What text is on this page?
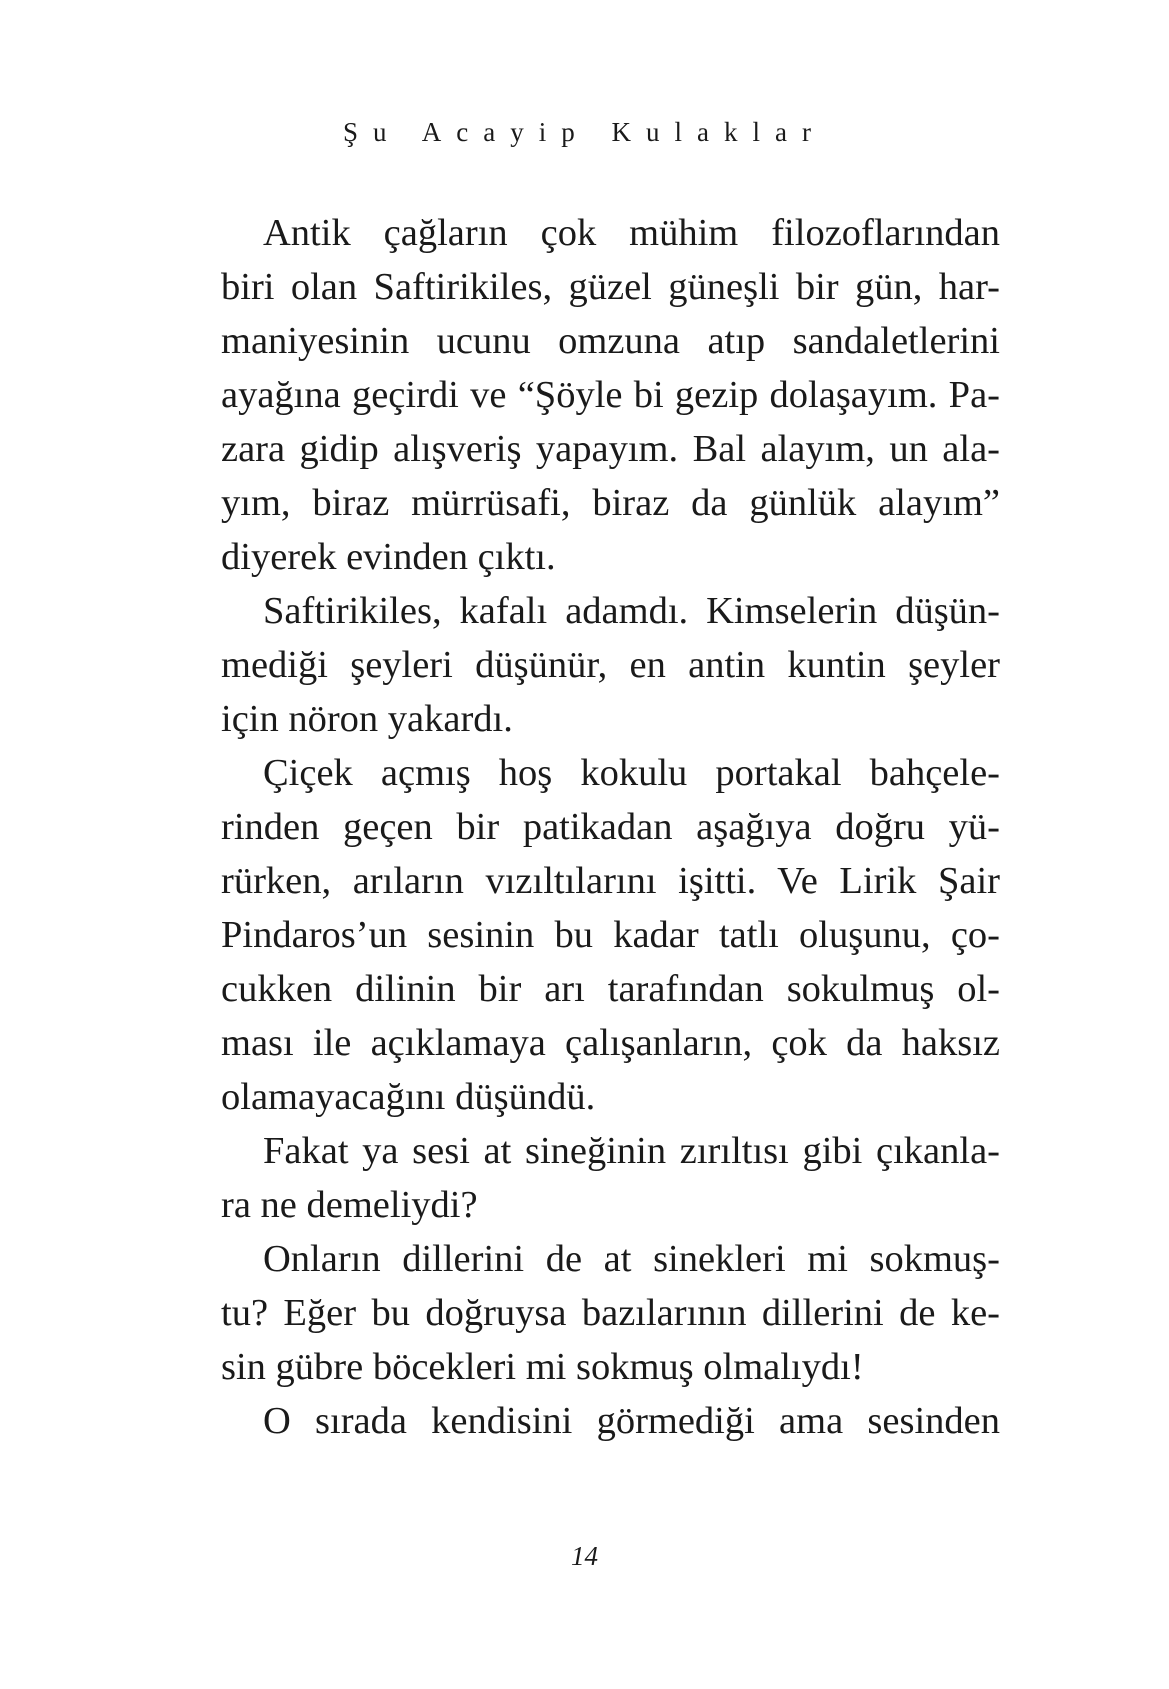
Şu Acayip Kulaklar
Antik çağların çok mühim filozoflarından
biri olan Saftirikiles, güzel güneşli bir gün, har-
maniyesinin ucunu omzuna atıp sandaletlerini
ayağına geçirdi ve “Şöyle bi gezip dolaşayım. Pa-
zara gidip alışveriş yapayım. Bal alayım, un ala-
yım, biraz mürrüsafi, biraz da günlük alayım”
diyerek evinden çıktı.
Saftirikiles, kafalı adamdı. Kimselerin düşün-
mediği şeyleri düşünür, en antin kuntin şeyler
için nöron yakardı.
Çiçek açmış hoş kokulu portakal bahçele-
rinden geçen bir patikadan aşağıya doğru yü-
rürken, arıların vızıltılarını işitti. Ve Lirik Şair
Pindaros’un sesinin bu kadar tatlı oluşunu, ço-
cukken dilinin bir arı tarafından sokulmuş ol-
ması ile açıklamaya çalışanların, çok da haksız
olamayacağını düşündü.
Fakat ya sesi at sineğinin zırıltısı gibi çıkanla-
ra ne demeliydi?
Onların dillerini de at sinekleri mi sokmuş-
tu? Eğer bu doğruysa bazılarının dillerini de ke-
sin gübre böcekleri mi sokmuş olmalıydı!
O sırada kendisini görmediği ama sesinden
14
